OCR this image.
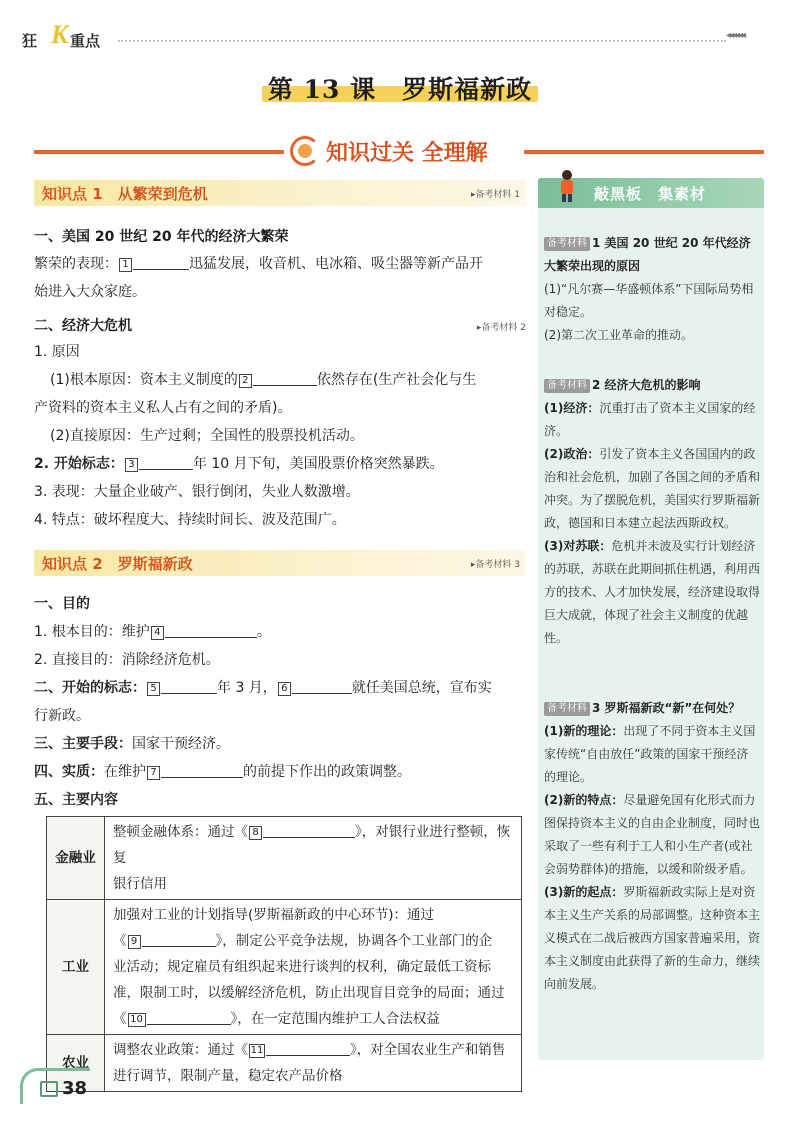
狂 K 重点	◂◂◂◂◂◂
第 13 课　罗斯福新政
知识过关 全理解
知识点 1　从繁荣到危机	▸备考材料 1
一、美国 20 世纪 20 年代的经济大繁荣
繁荣的表现： 1	迅猛发展，收音机、电冰箱、吸尘器等新产品开
始进入大众家庭。
二、经济大危机	▸备考材料 2
1. 原因
(1)根本原因：资本主义制度的 2	依然存在(生产社会化与生
产资料的资本主义私人占有之间的矛盾)。
(2)直接原因：生产过剩；全国性的股票投机活动。
2. 开始标志： 3	年 10 月下旬，美国股票价格突然暴跌。
3. 表现：大量企业破产、银行倒闭，失业人数激增。
4. 特点：破坏程度大、持续时间长、波及范围广。
知识点 2　罗斯福新政	▸备考材料 3
一、目的
1. 根本目的：维护 4	。
2. 直接目的：消除经济危机。
二、开始的标志： 5	年 3 月， 6	就任美国总统，宣布实
行新政。
三、主要手段：国家干预经济。
四、实质：在维护 7	的前提下作出的政策调整。
五、主要内容
金融业	整顿金融体系：通过《 8 》，对银行业进行整顿，恢复
银行信用
工业	加强对工业的计划指导(罗斯福新政的中心环节)：通过
《 9 》，制定公平竞争法规，协调各个工业部门的企
业活动；规定雇员有组织起来进行谈判的权利，确定最低工资标
准，限制工时，以缓解经济危机，防止出现盲目竞争的局面；通过
《 10 》，在一定范围内维护工人合法权益
农业	调整农业政策：通过《 11 》，对全国农业生产和销售
进行调节，限制产量，稳定农产品价格
敲黑板　集素材
备考材料 1 美国 20 世纪 20 年代经济大繁荣出现的原因
(1)“凡尔赛—华盛顿体系”下国际局势相对稳定。
(2)第二次工业革命的推动。
备考材料 2 经济大危机的影响
(1)经济：沉重打击了资本主义国家的经济。
(2)政治：引发了资本主义各国国内的政治和社会危机，加剧了各国之间的矛盾和冲突。为了摆脱危机，美国实行罗斯福新政，德国和日本建立起法西斯政权。
(3)对苏联：危机并未波及实行计划经济的苏联，苏联在此期间抓住机遇，利用西方的技术、人才加快发展，经济建设取得巨大成就，体现了社会主义制度的优越性。
备考材料 3 罗斯福新政“新”在何处？
(1)新的理论：出现了不同于资本主义国家传统“自由放任”政策的国家干预经济的理论。
(2)新的特点：尽量避免国有化形式而力图保持资本主义的自由企业制度，同时也采取了一些有利于工人和小生产者(或社会弱势群体)的措施，以缓和阶级矛盾。
(3)新的起点：罗斯福新政实际上是对资本主义生产关系的局部调整。这种资本主义模式在二战后被西方国家普遍采用，资本主义制度由此获得了新的生命力，继续向前发展。
38
